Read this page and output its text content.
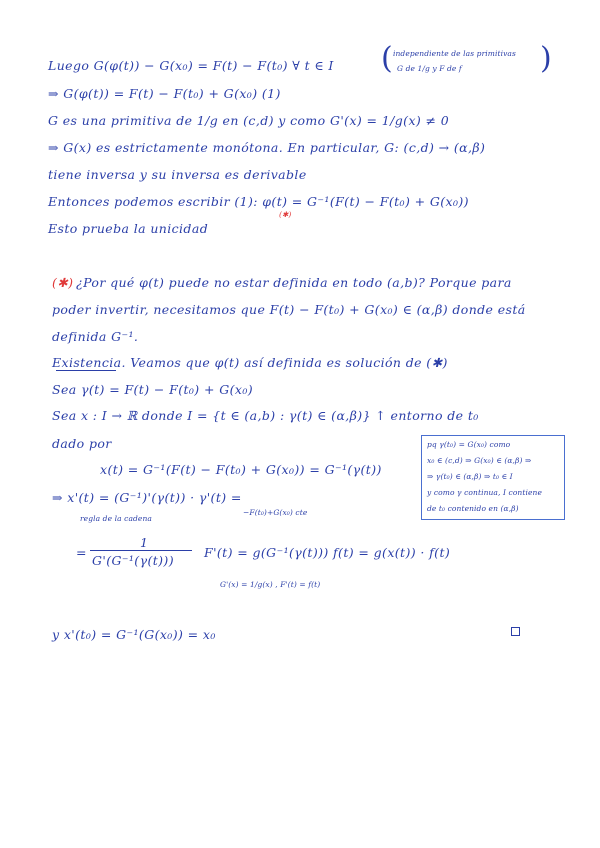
Luego G(φ(t)) − G(x₀) = F(t) − F(t₀) ∀ t ∈ I (	)
independiente de las primitivas
G de 1/g y F de f
⇒ G(φ(t)) = F(t) − F(t₀) + G(x₀) (1)
G es una primitiva de 1/g en (c,d) y como G'(x) = 1/g(x) ≠ 0
⇒ G(x) es estrictamente monótona. En particular, G: (c,d) → (α,β)
tiene inversa y su inversa es derivable
Entonces podemos escribir (1): φ(t) = G⁻¹(F(t) − F(t₀) + G(x₀))
(✱)
Esto prueba la unicidad
(✱) ¿Por qué φ(t) puede no estar definida en todo (a,b)? Porque para
poder invertir, necesitamos que F(t) − F(t₀) + G(x₀) ∈ (α,β) donde está
definida G⁻¹.
Existencia. Veamos que φ(t) así definida es solución de (✱)
Sea γ(t) = F(t) − F(t₀) + G(x₀)
Sea x : I → ℝ donde I = {t ∈ (a,b) : γ(t) ∈ (α,β)} ↑ entorno de t₀
dado por
x(t) = G⁻¹(F(t) − F(t₀) + G(x₀)) = G⁻¹(γ(t))
pq γ(t₀) = G(x₀) como
x₀ ∈ (c,d) ⇒ G(x₀) ∈ (α,β) ⇒
⇒ γ(t₀) ∈ (α,β) ⇒ t₀ ∈ I
y como γ continua, I contiene
de t₀ contenido en (α,β)
⇒ x'(t) = (G⁻¹)'(γ(t)) · γ'(t) =
regla de la cadena
−F(t₀)+G(x₀) cte
=
1
G'(G⁻¹(γ(t)))
F'(t) = g(G⁻¹(γ(t))) f(t) = g(x(t)) · f(t)
G'(x) = 1/g(x) , F'(t) = f(t)
y x'(t₀) = G⁻¹(G(x₀)) = x₀
